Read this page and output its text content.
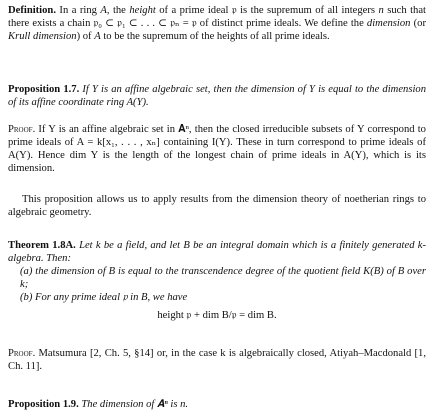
Definition. In a ring A, the height of a prime ideal 𝔭 is the supremum of all integers n such that there exists a chain 𝔭₀ ⊂ 𝔭₁ ⊂ . . . ⊂ 𝔭ₙ = 𝔭 of distinct prime ideals. We define the dimension (or Krull dimension) of A to be the supremum of the heights of all prime ideals.
Proposition 1.7. If Y is an affine algebraic set, then the dimension of Y is equal to the dimension of its affine coordinate ring A(Y).
Proof. If Y is an affine algebraic set in 𝐀ⁿ, then the closed irreducible subsets of Y correspond to prime ideals of A = k[x₁, . . . , xₙ] containing I(Y). These in turn correspond to prime ideals of A(Y). Hence dim Y is the length of the longest chain of prime ideals in A(Y), which is its dimension.
This proposition allows us to apply results from the dimension theory of noetherian rings to algebraic geometry.
Theorem 1.8A. Let k be a field, and let B be an integral domain which is a finitely generated k-algebra. Then:
(a) the dimension of B is equal to the transcendence degree of the quotient field K(B) of B over k;
(b) For any prime ideal 𝔭 in B, we have
height 𝔭 + dim B/𝔭 = dim B.
Proof. Matsumura [2, Ch. 5, §14] or, in the case k is algebraically closed, Atiyah–Macdonald [1, Ch. 11].
Proposition 1.9. The dimension of 𝐀ⁿ is n.
